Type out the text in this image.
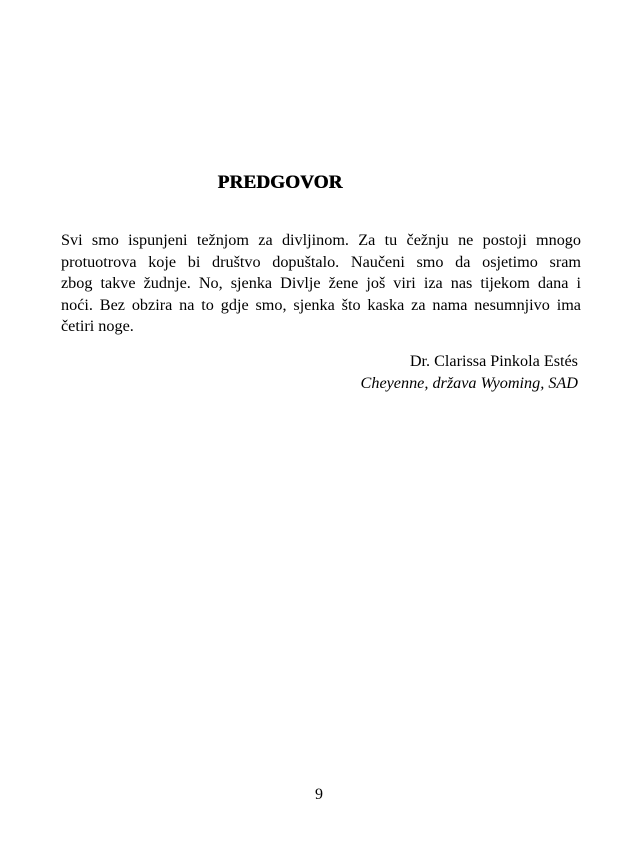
PREDGOVOR
Svi smo ispunjeni težnjom za divljinom. Za tu čežnju ne postoji mnogo
protuotrova koje bi društvo dopuštalo. Naučeni smo da osjetimo sram
zbog takve žudnje. No, sjenka Divlje žene još viri iza nas tijekom dana i
noći. Bez obzira na to gdje smo, sjenka što kaska za nama nesumnjivo ima
četiri noge.
Dr. Clarissa Pinkola Estés
Cheyenne, država Wyoming, SAD
9
